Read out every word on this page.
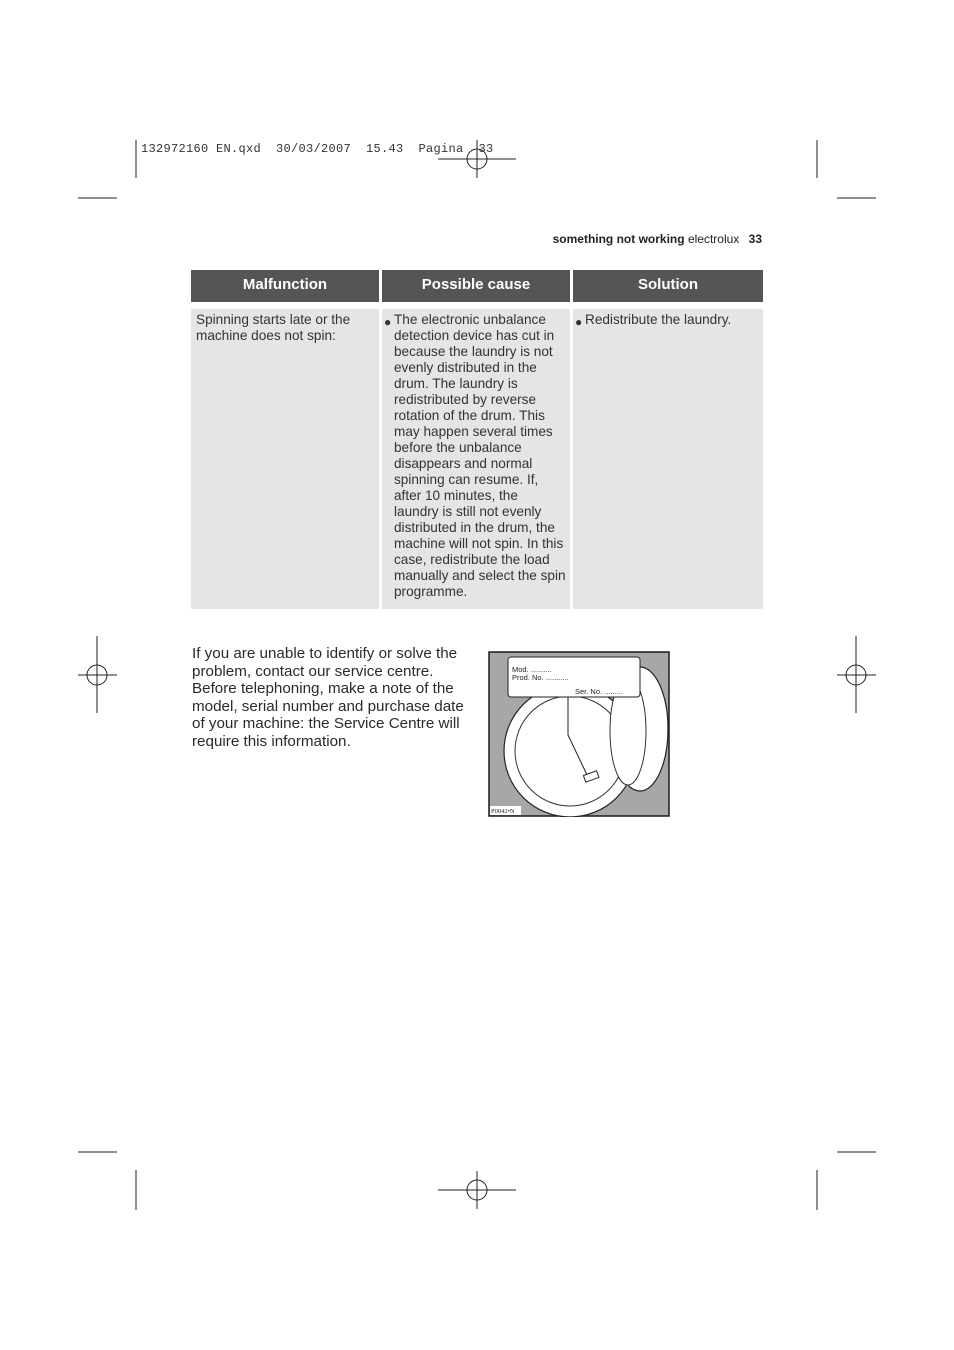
132972160 EN.qxd  30/03/2007  15.43  Pagina  33
something not working electrolux 33
Malfunction	Possible cause	Solution
Spinning starts late or the machine does not spin:
● The electronic unbalance detection device has cut in because the laundry is not evenly distributed in the drum. The laundry is redistributed by reverse rotation of the drum. This may happen several times before the unbalance disappears and normal spinning can resume. If, after 10 minutes, the laundry is still not evenly distributed in the drum, the machine will not spin. In this case, redistribute the load manually and select the spin programme.
● Redistribute the laundry.
If you are unable to identify or solve the problem, contact our service centre. Before telephoning, make a note of the model, serial number and purchase date of your machine: the Service Centre will require this information.
Mod. ..........
Prod. No. ...........
Ser. No. .........
P0042•N
